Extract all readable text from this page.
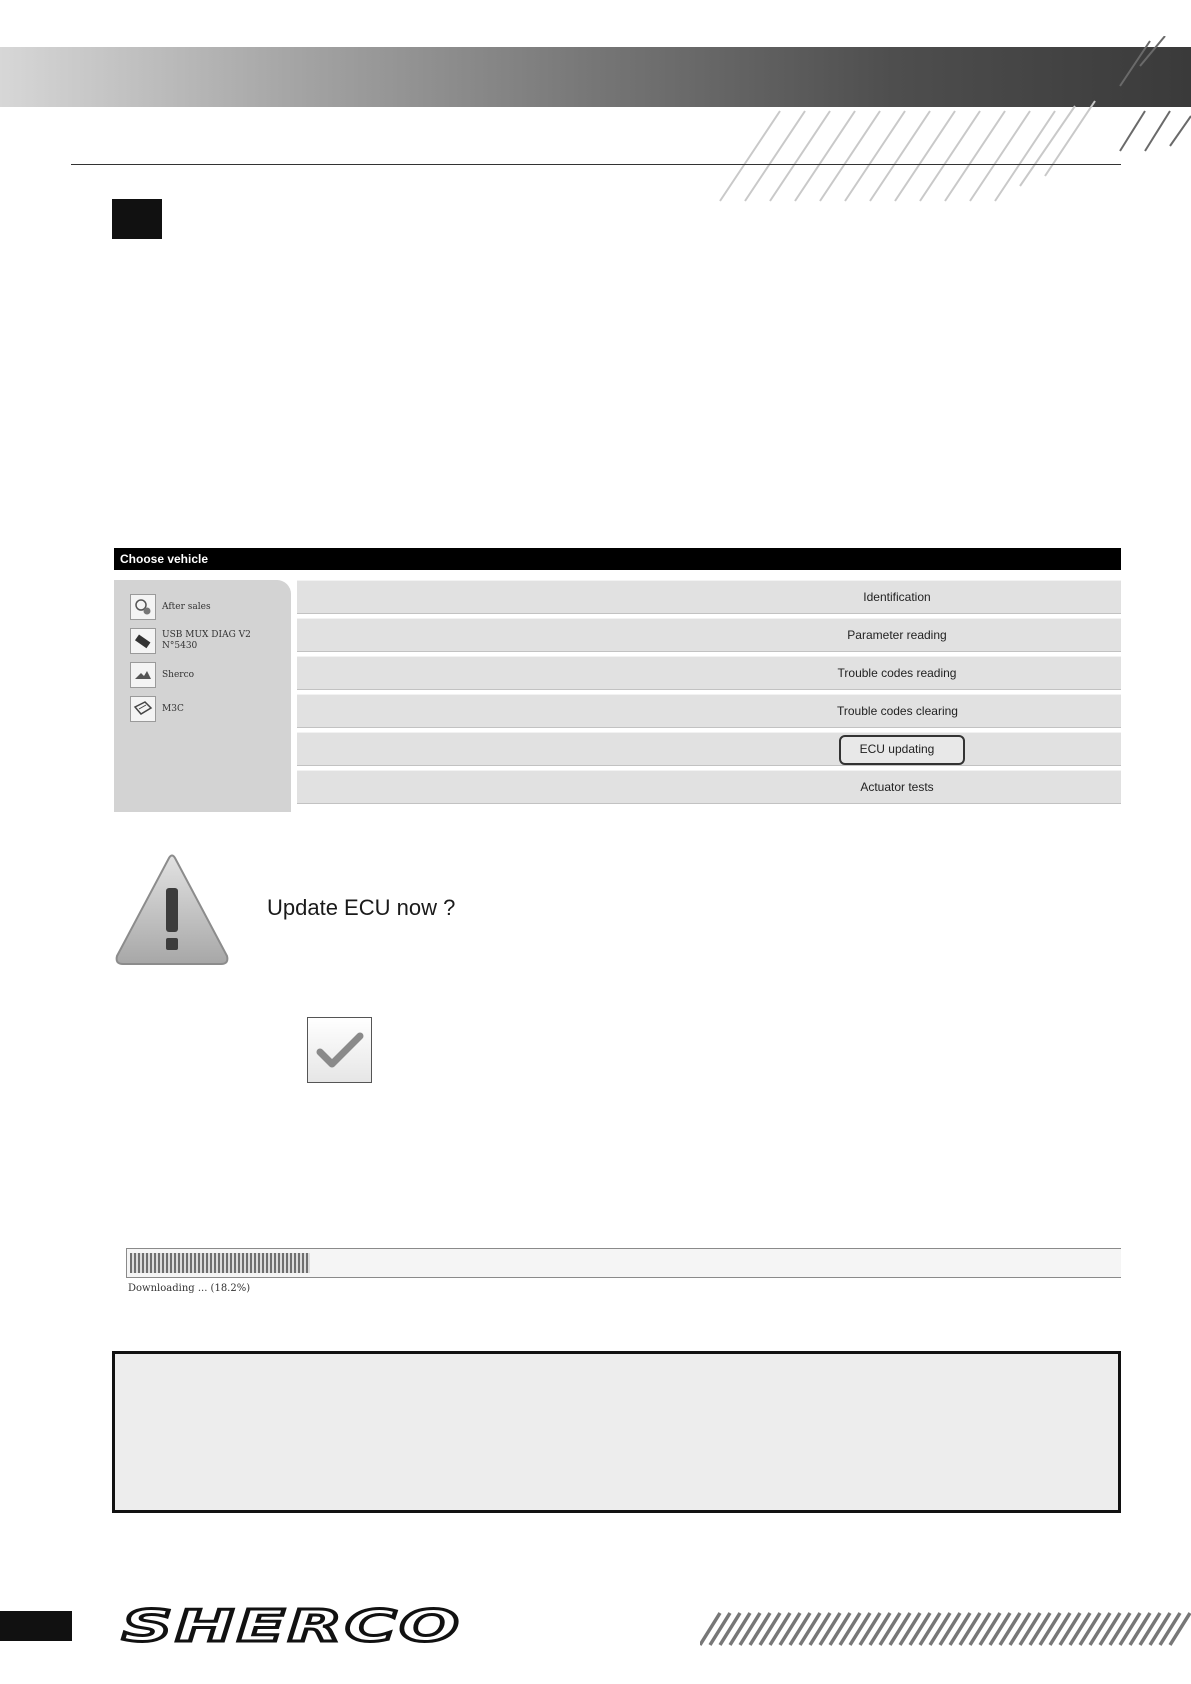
Choose vehicle
After sales
USB MUX DIAG V2 N°5430
Sherco
M3C
Identification
Parameter reading
Trouble codes reading
Trouble codes clearing
ECU updating
Actuator tests
Update ECU now ?
Downloading ... (18.2%)
SHERCO
